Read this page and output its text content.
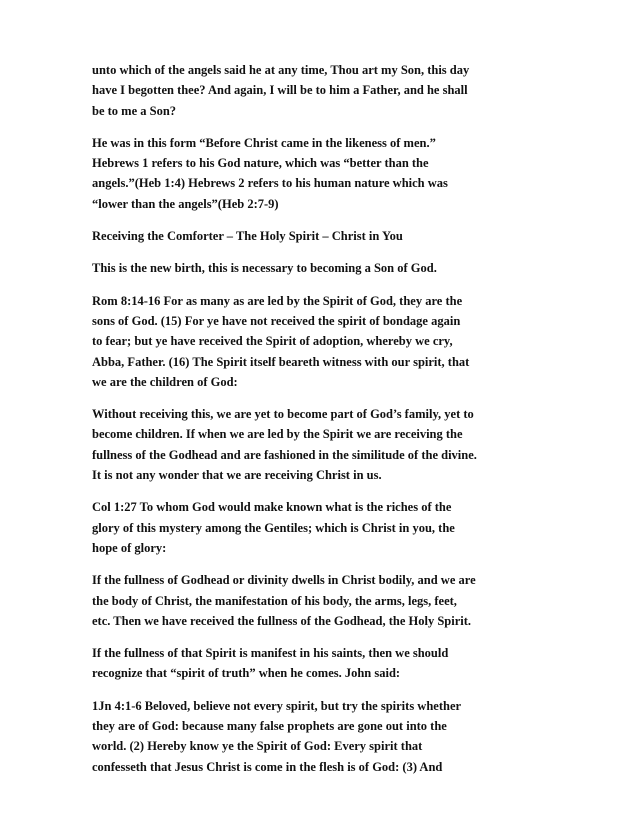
unto which of the angels said he at any time, Thou art my Son, this day
have I begotten thee? And again, I will be to him a Father, and he shall
be to me a Son?

He was in this form “Before Christ came in the likeness of men.”
Hebrews 1 refers to his God nature, which was “better than the
angels.”(Heb 1:4) Hebrews 2 refers to his human nature which was
“lower than the angels”(Heb 2:7-9)

Receiving the Comforter – The Holy Spirit – Christ in You

This is the new birth, this is necessary to becoming a Son of God.

Rom 8:14-16 For as many as are led by the Spirit of God, they are the
sons of God. (15) For ye have not received the spirit of bondage again
to fear; but ye have received the Spirit of adoption, whereby we cry,
Abba, Father. (16) The Spirit itself beareth witness with our spirit, that
we are the children of God:

Without receiving this, we are yet to become part of God’s family, yet to
become children. If when we are led by the Spirit we are receiving the
fullness of the Godhead and are fashioned in the similitude of the divine.
It is not any wonder that we are receiving Christ in us.

Col 1:27 To whom God would make known what is the riches of the
glory of this mystery among the Gentiles; which is Christ in you, the
hope of glory:

If the fullness of Godhead or divinity dwells in Christ bodily, and we are
the body of Christ, the manifestation of his body, the arms, legs, feet,
etc. Then we have received the fullness of the Godhead, the Holy Spirit.

If the fullness of that Spirit is manifest in his saints, then we should
recognize that “spirit of truth” when he comes. John said:

1Jn 4:1-6 Beloved, believe not every spirit, but try the spirits whether
they are of God: because many false prophets are gone out into the
world. (2) Hereby know ye the Spirit of God: Every spirit that
confesseth that Jesus Christ is come in the flesh is of God: (3) And
